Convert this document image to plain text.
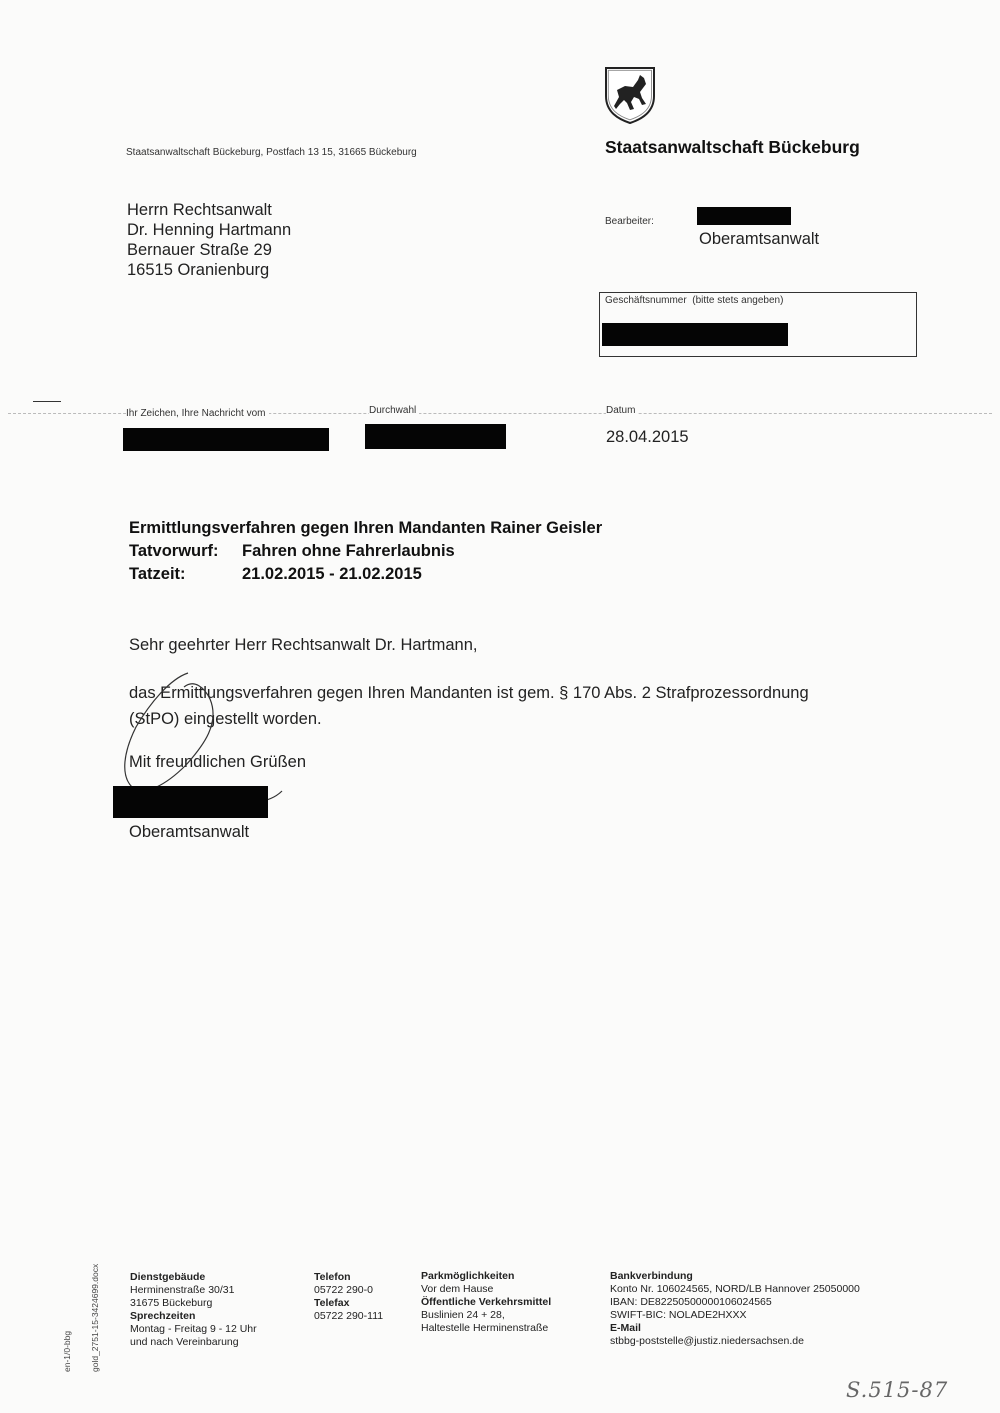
Staatsanwaltschaft Bückeburg
Staatsanwaltschaft Bückeburg, Postfach 13 15, 31665 Bückeburg
Herrn Rechtsanwalt
Dr. Henning Hartmann
Bernauer Straße 29
16515 Oranienburg
Bearbeiter:
Oberamtsanwalt
Geschäftsnummer (bitte stets angeben)
Ihr Zeichen, Ihre Nachricht vom	Durchwahl	Datum
28.04.2015
Ermittlungsverfahren gegen Ihren Mandanten Rainer Geisler
Tatvorwurf: Fahren ohne Fahrerlaubnis
Tatzeit:	21.02.2015 - 21.02.2015
Sehr geehrter Herr Rechtsanwalt Dr. Hartmann,
das Ermittlungsverfahren gegen Ihren Mandanten ist gem. § 170 Abs. 2 Strafprozessordnung
(StPO) eingestellt worden.
Mit freundlichen Grüßen
Oberamtsanwalt
en-1/0-bbg gold_2751-15-3424699.docx	Dienstgebäude
Herminenstraße 30/31
31675 Bückeburg
Sprechzeiten
Montag - Freitag 9 - 12 Uhr
und nach Vereinbarung
Telefon
05722 290-0
Telefax
05722 290-111
Parkmöglichkeiten
Vor dem Hause
Öffentliche Verkehrsmittel
Buslinien 24 + 28,
Haltestelle Herminenstraße
Bankverbindung
Konto Nr. 106024565, NORD/LB Hannover 25050000
IBAN: DE82250500000106024565
SWIFT-BIC: NOLADE2HXXX
E-Mail
stbbg-poststelle@justiz.niedersachsen.de
S.515-87
